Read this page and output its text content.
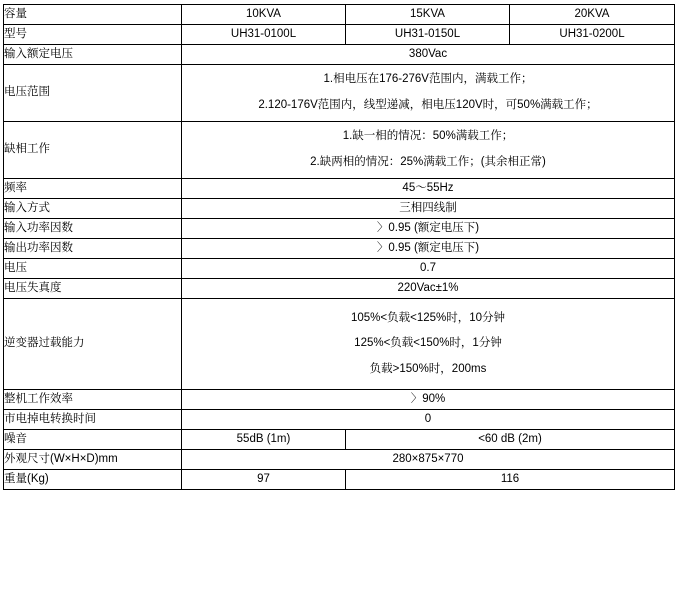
容量	10KVA	15KVA	20KVA
型号	UH31-0100L	UH31-0150L	UH31-0200L
输入额定电压	380Vac		
电压范围	1.相电压在176-276V范围内，满载工作；
2.120-176V范围内，线型递减，相电压120V时，可50%满载工作；		

缺相工作	1.缺一相的情况：50%满载工作；
2.缺两相的情况：25%满载工作；(其余相正常)		

频率	45～55Hz		
输入方式	三相四线制		
输入功率因数	〉0.95 (额定电压下)		
输出功率因数	〉0.95 (额定电压下)		
电压	0.7		
电压失真度	220Vac±1%		
逆变器过载能力	105%<负载<125%时，10分钟
125%<负载<150%时，1分钟
负载>150%时，200ms		

整机工作效率	〉90%		
市电掉电转换时间	0		
噪音	55dB (1m)	<60 dB (2m)	
外观尺寸(W×H×D)mm	280×875×770		
重量(Kg)	97	116	
